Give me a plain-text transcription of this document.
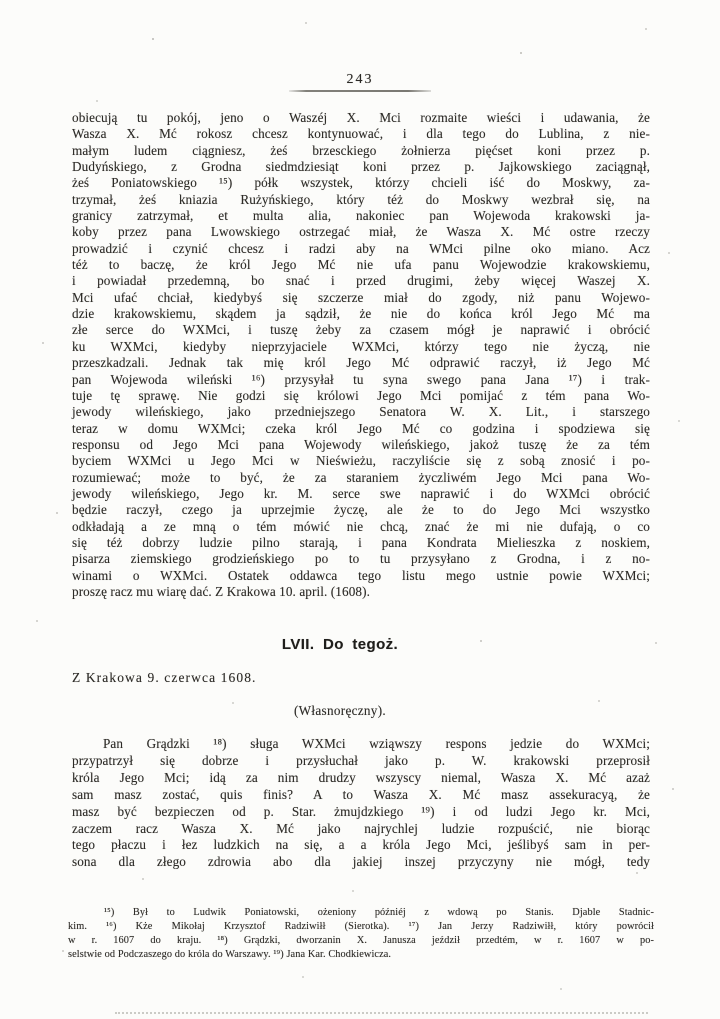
243
obiecują tu pokój, jeno o Waszéj X. Mci rozmaite wieści i udawania, że
Wasza X. Mć rokosz chcesz kontynuować, i dla tego do Lublina, z nie-
małym ludem ciągniesz, żeś brzesckiego żołnierza pięćset koni przez p.
Dudyńskiego, z Grodna siedmdziesiąt koni przez p. Jajkowskiego zaciągnął,
żeś Poniatowskiego ¹⁵) półk wszystek, którzy chcieli iść do Moskwy, za-
trzymał, żeś kniazia Rużyńskiego, który téż do Moskwy wezbrał się, na
granicy zatrzymał, et multa alia, nakoniec pan Wojewoda krakowski ja-
koby przez pana Lwowskiego ostrzegać miał, że Wasza X. Mć ostre rzeczy
prowadzić i czynić chcesz i radzi aby na WMci pilne oko miano. Acz
téż to baczę, że król Jego Mć nie ufa panu Wojewodzie krakowskiemu,
i powiadał przedemną, bo snać i przed drugimi, żeby więcej Waszej X.
Mci ufać chciał, kiedybyś się szczerze miał do zgody, niż panu Wojewo-
dzie krakowskiemu, skądem ja sądził, że nie do końca król Jego Mć ma
złe serce do WXMci, i tuszę żeby za czasem mógł je naprawić i obrócić
ku WXMci, kiedyby nieprzyjaciele WXMci, którzy tego nie życzą, nie
przeszkadzali. Jednak tak mię król Jego Mć odprawić raczył, iż Jego Mć
pan Wojewoda wileński ¹⁶) przysyłał tu syna swego pana Jana ¹⁷) i trak-
tuje tę sprawę. Nie godzi się królowi Jego Mci pomijać z tém pana Wo-
jewody wileńskiego, jako przedniejszego Senatora W. X. Lit., i starszego
teraz w domu WXMci; czeka król Jego Mć co godzina i spodziewa się
responsu od Jego Mci pana Wojewody wileńskiego, jakoż tuszę że za tém
byciem WXMci u Jego Mci w Nieświeżu, raczyliście się z sobą znosić i po-
rozumiewać; może to być, że za staraniem życzliwém Jego Mci pana Wo-
jewody wileńskiego, Jego kr. M. serce swe naprawić i do WXMci obrócić
będzie raczył, czego ja uprzejmie życzę, ale że to do Jego Mci wszystko
odkładają a ze mną o tém mówić nie chcą, znać że mi nie dufają, o co
się téż dobrzy ludzie pilno starają, i pana Kondrata Mielieszka z noskiem,
pisarza ziemskiego grodzieńskiego po to tu przysyłano z Grodna, i z no-
winami o WXMci. Ostatek oddawca tego listu mego ustnie powie WXMci;
proszę racz mu wiarę dać. Z Krakowa 10. april. (1608).
LVII. Do tegoż.
Z Krakowa 9. czerwca 1608.
(Własnoręczny).
Pan Grądzki ¹⁸) sługa WXMci wziąwszy respons jedzie do WXMci;
przypatrzył się dobrze i przysłuchał jako p. W. krakowski przeprosił
króla Jego Mci; idą za nim drudzy wszyscy niemal, Wasza X. Mć azaż
sam masz zostać, quis finis? A to Wasza X. Mć masz assekuracyą, że
masz być bezpieczen od p. Star. żmujdzkiego ¹⁹) i od ludzi Jego kr. Mci,
zaczem racz Wasza X. Mć jako najrychlej ludzie rozpuścić, nie biorąc
tego płaczu i łez ludzkich na się, a a króla Jego Mci, jeślibyś sam in per-
sona dla złego zdrowia abo dla jakiej inszej przyczyny nie mógł, tedy
¹⁵) Był to Ludwik Poniatowski, ożeniony późniéj z wdową po Stanis. Djable Stadnic-
kim. ¹⁶) Kże Mikołaj Krzysztof Radziwiłł (Sierotka). ¹⁷) Jan Jerzy Radziwiłł, który powrócił
w r. 1607 do kraju. ¹⁸) Grądzki, dworzanin X. Janusza jeździł przedtém, w r. 1607 w po-
selstwie od Podczaszego do króla do Warszawy. ¹⁹) Jana Kar. Chodkiewicza.
